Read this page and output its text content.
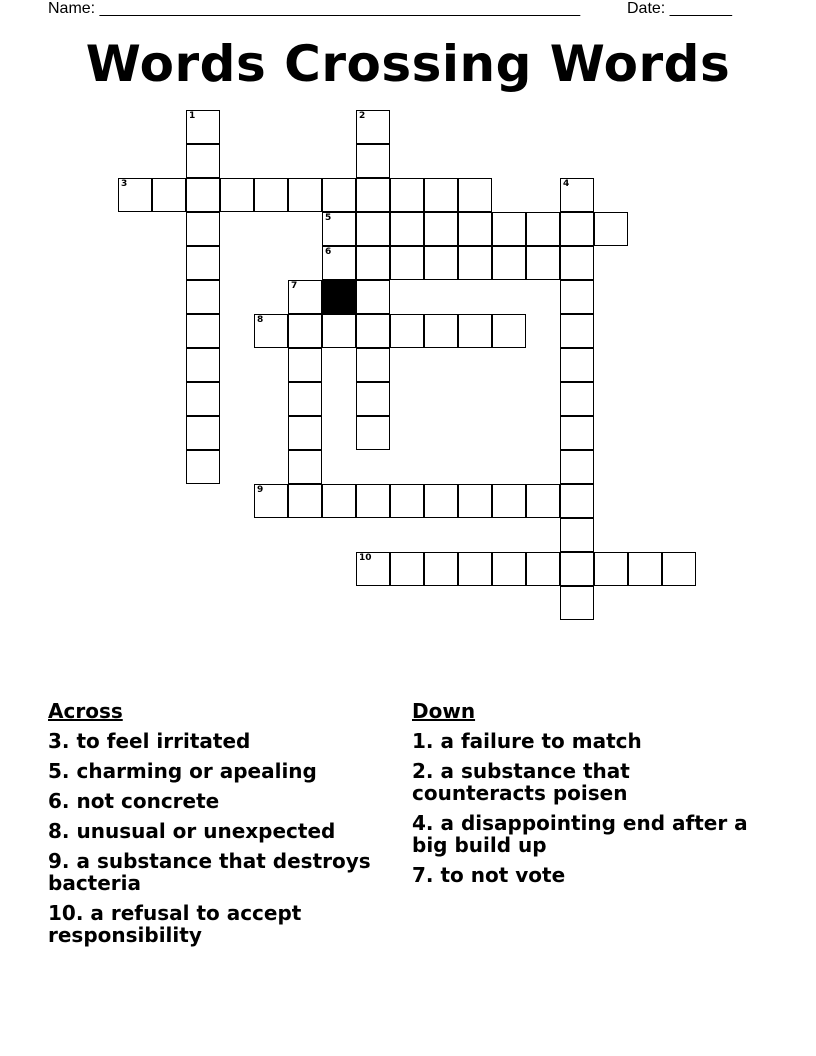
Name: ______________________________________________________	Date: _______
Words Crossing Words
1	2
3	4
5
6
7
8
9
10
Across
3. to feel irritated
5. charming or apealing
6. not concrete
8. unusual or unexpected
9. a substance that destroys bacteria
10. a refusal to accept responsibility
Down
1. a failure to match
2. a substance that counteracts poisen
4. a disappointing end after a big build up
7. to not vote
